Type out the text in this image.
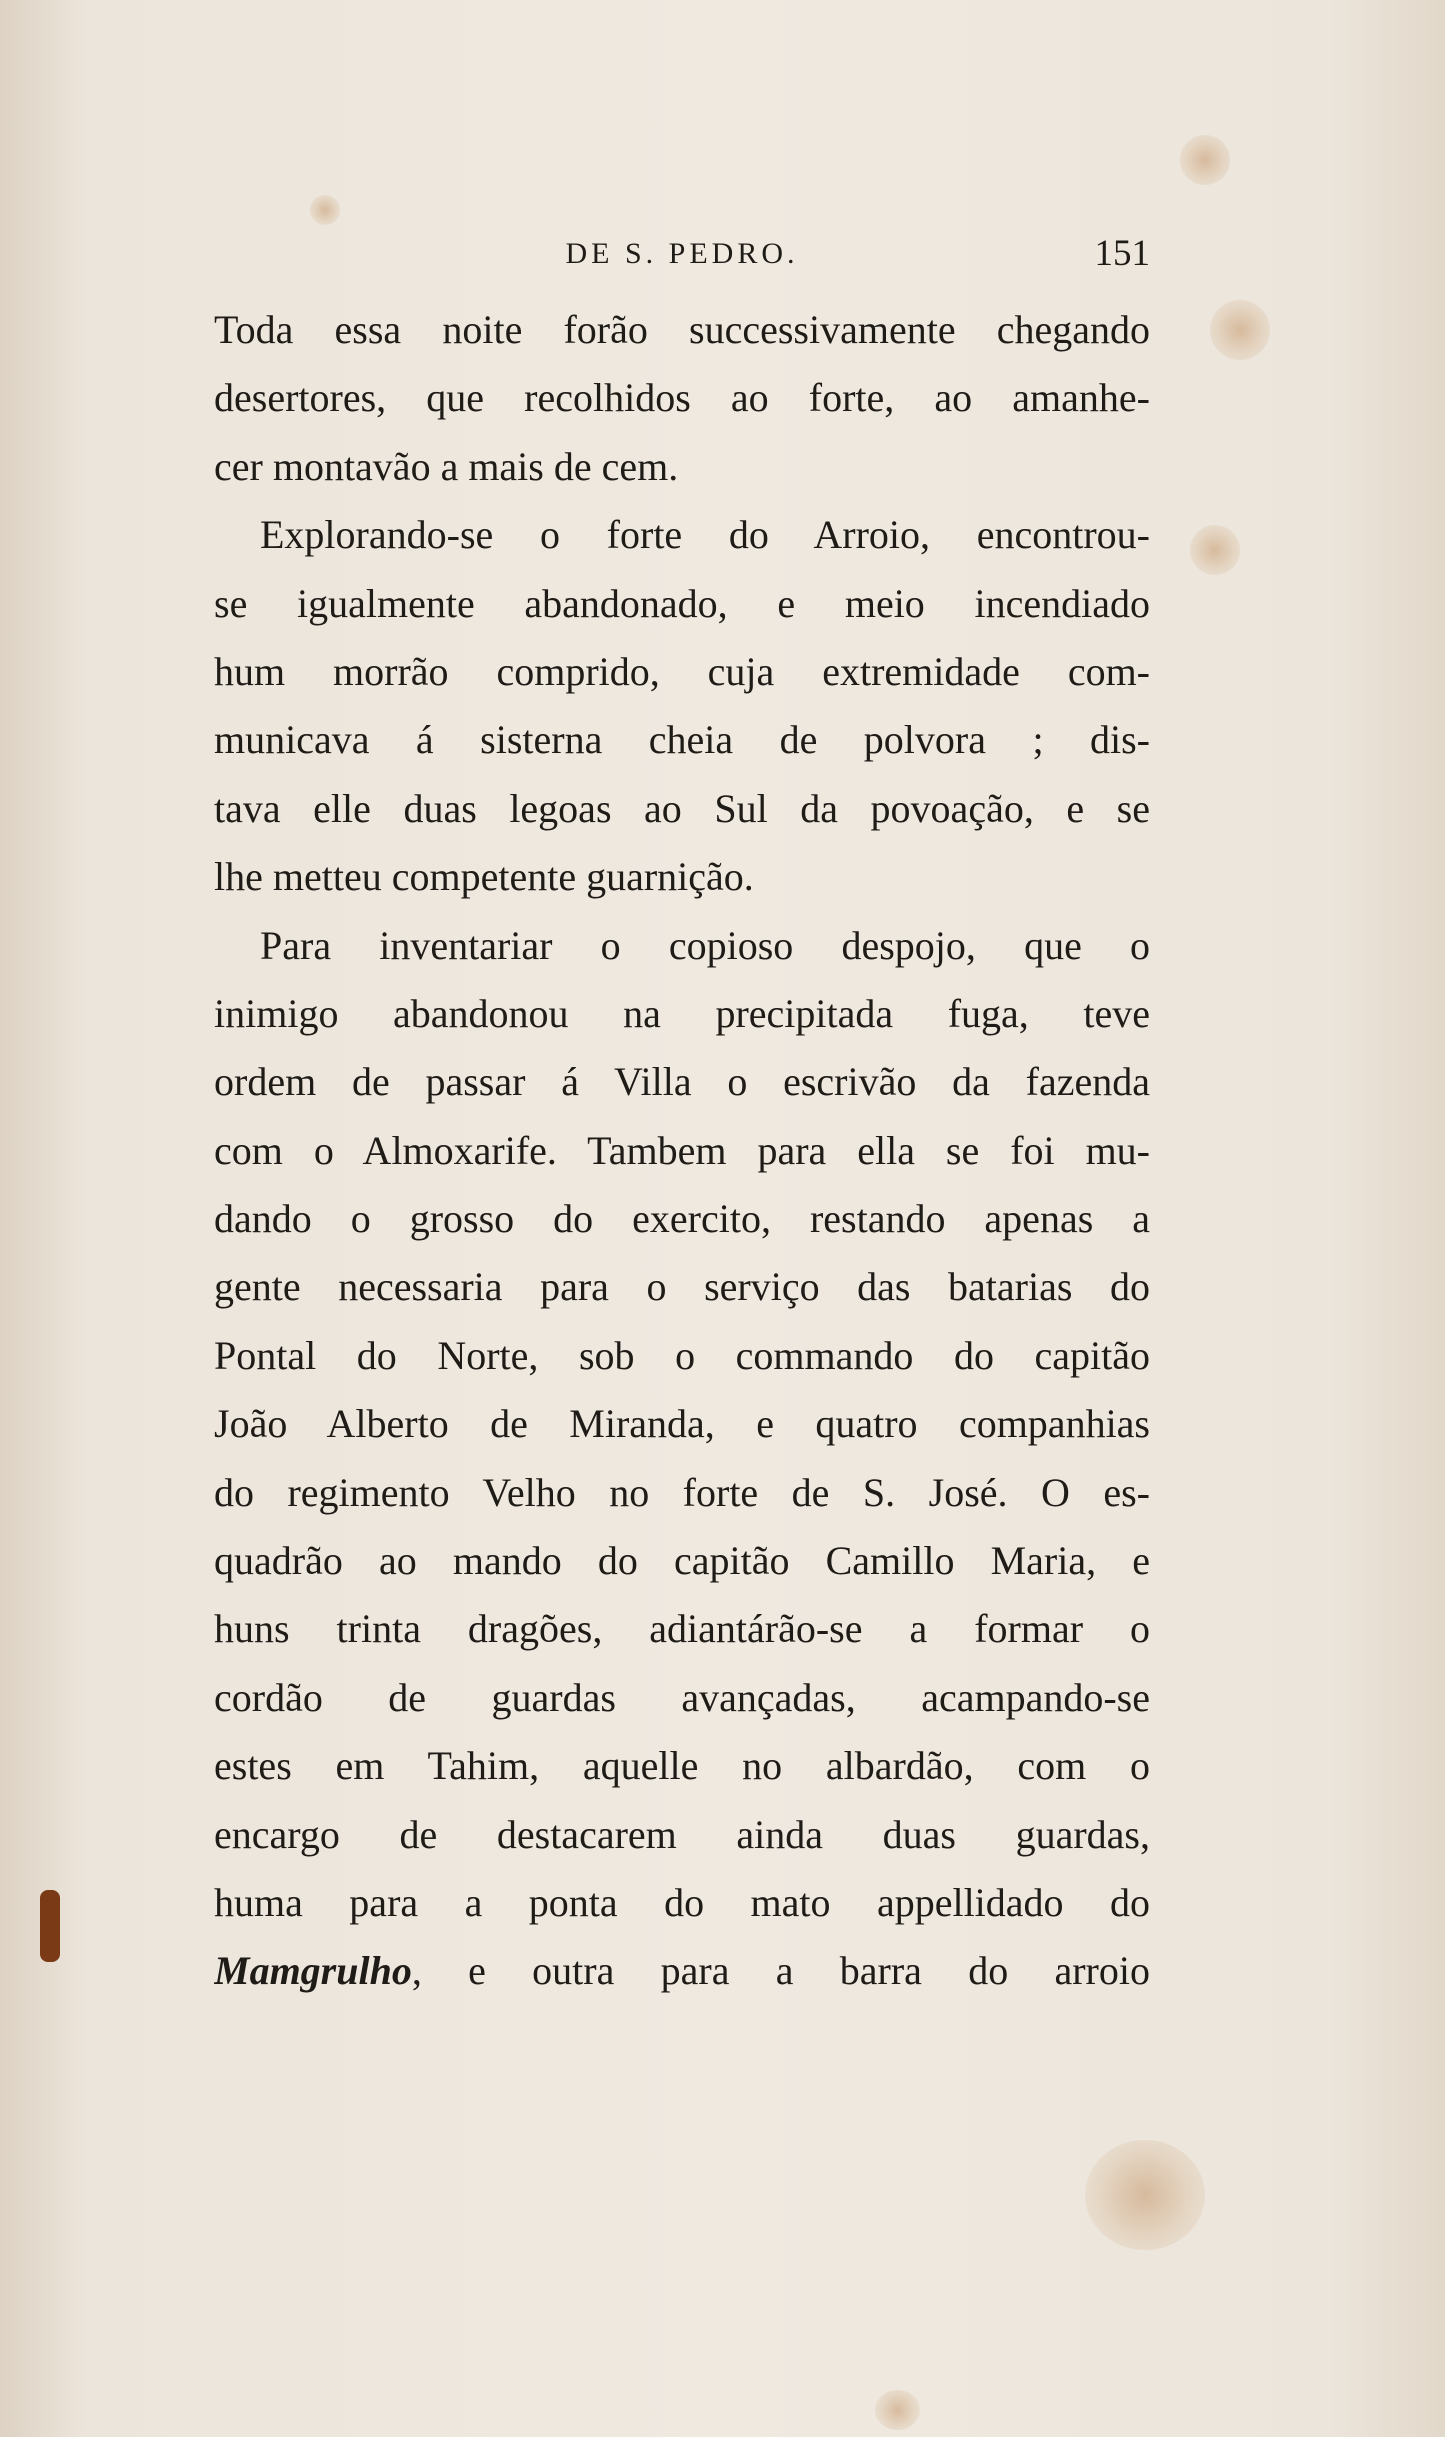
DE S. PEDRO.	151
Toda essa noite forão successivamente chegando
desertores, que recolhidos ao forte, ao amanhe-
cer montavão a mais de cem.
Explorando-se o forte do Arroio, encontrou-
se igualmente abandonado, e meio incendiado
hum morrão comprido, cuja extremidade com-
municava á sisterna cheia de polvora ; dis-
tava elle duas legoas ao Sul da povoação, e se
lhe metteu competente guarnição.
Para inventariar o copioso despojo, que o
inimigo abandonou na precipitada fuga, teve
ordem de passar á Villa o escrivão da fazenda
com o Almoxarife. Tambem para ella se foi mu-
dando o grosso do exercito, restando apenas a
gente necessaria para o serviço das batarias do
Pontal do Norte, sob o commando do capitão
João Alberto de Miranda, e quatro companhias
do regimento Velho no forte de S. José. O es-
quadrão ao mando do capitão Camillo Maria, e
huns trinta dragões, adiantárão-se a formar o
cordão de guardas avançadas, acampando-se
estes em Tahim, aquelle no albardão, com o
encargo de destacarem ainda duas guardas,
huma para a ponta do mato appellidado do
Mamgrulho, e outra para a barra do arroio
